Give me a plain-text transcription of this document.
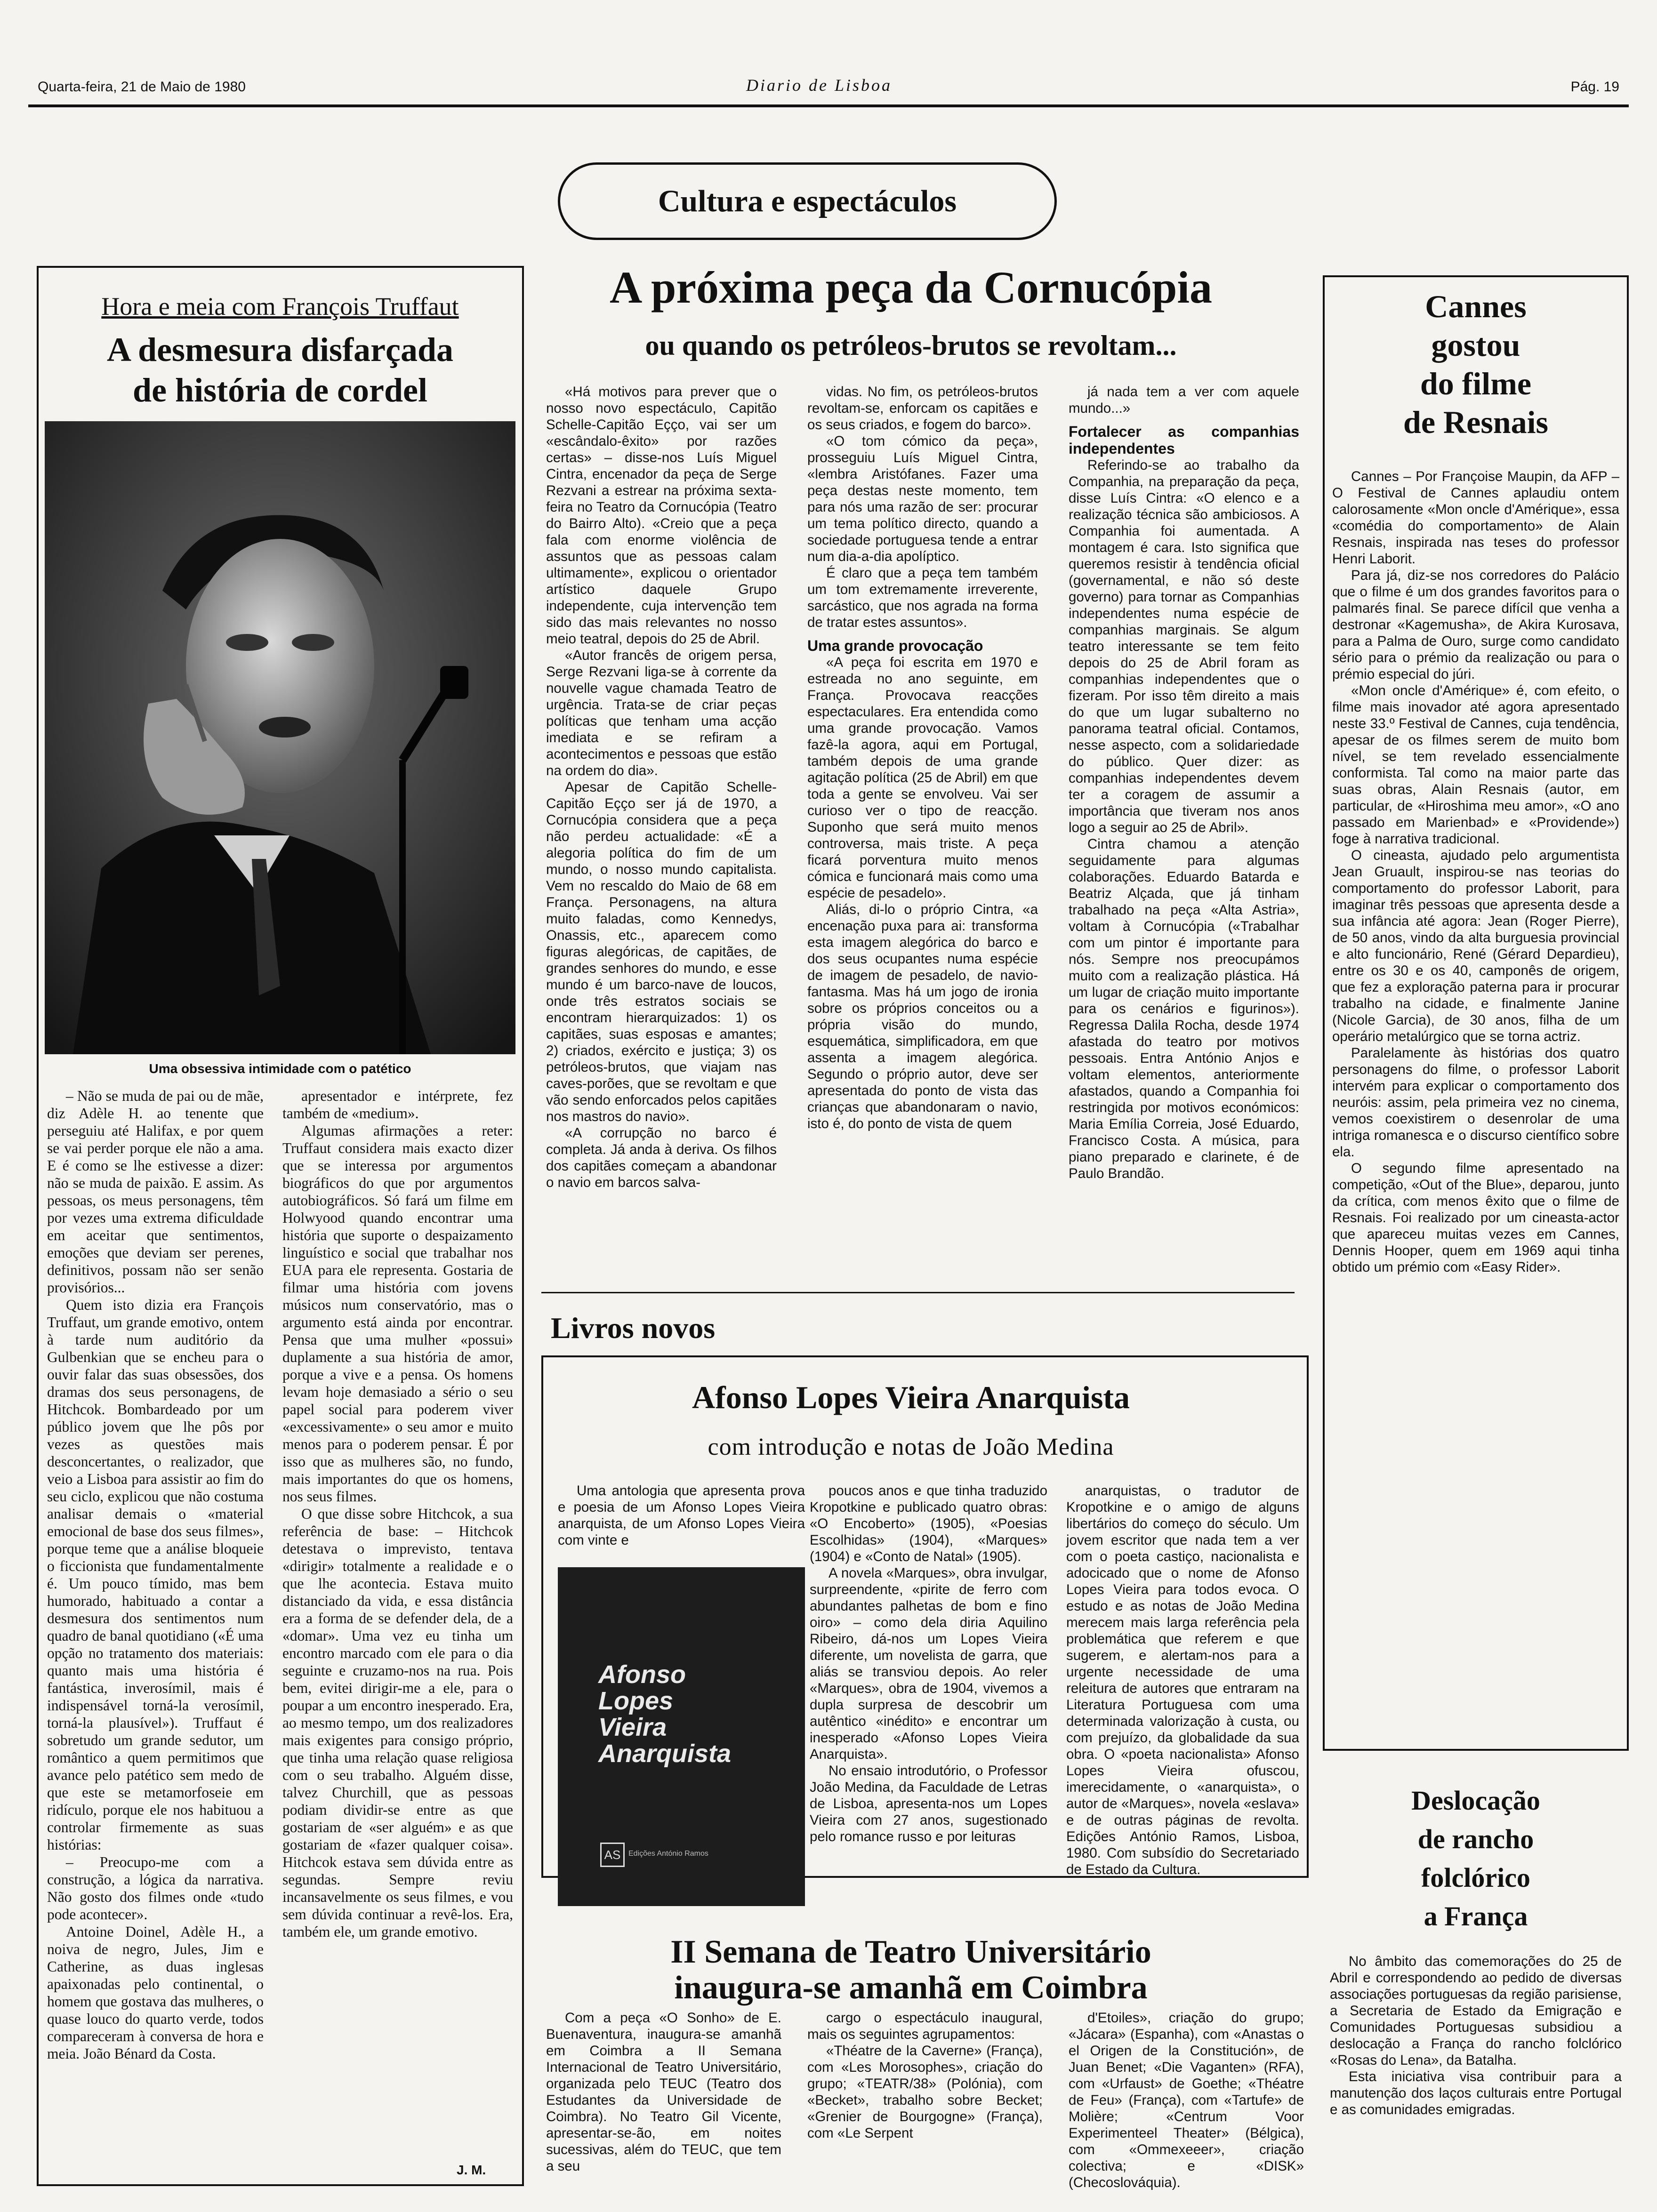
Quarta-feira, 21 de Maio de 1980	Diario de Lisboa	Pág. 19
Cultura e espectáculos
Hora e meia com François Truffaut
A desmesura disfarçada
de história de cordel
Uma obsessiva intimidade com o patético

– Não se muda de pai ou de mãe, diz Adèle H. ao tenente que perseguiu até Halifax, e por quem se vai perder porque ele não a ama. E é como se lhe estivesse a dizer: não se muda de paixão. E assim. As pessoas, os meus personagens, têm por vezes uma extrema dificuldade em aceitar que sentimentos, emoções que deviam ser perenes, definitivos, possam não ser senão provisórios...

Quem isto dizia era François Truffaut, um grande emotivo, ontem à tarde num auditório da Gulbenkian que se encheu para o ouvir falar das suas obsessões, dos dramas dos seus personagens, de Hitchcok. Bombardeado por um público jovem que lhe pôs por vezes as questões mais desconcertantes, o realizador, que veio a Lisboa para assistir ao fim do seu ciclo, explicou que não costuma analisar demais o «material emocional de base dos seus filmes», porque teme que a análise bloqueie o ficcionista que fundamentalmente é. Um pouco tímido, mas bem humorado, habituado a contar a desmesura dos sentimentos num quadro de banal quotidiano («É uma opção no tratamento dos materiais: quanto mais uma história é fantástica, inverosímil, mais é indispensável torná-la verosímil, torná-la plausível»). Truffaut é sobretudo um grande sedutor, um romântico a quem permitimos que avance pelo patético sem medo de que este se metamorfoseie em ridículo, porque ele nos habituou a controlar firmemente as suas histórias:

– Preocupo-me com a construção, a lógica da narrativa. Não gosto dos filmes onde «tudo pode acontecer».

Antoine Doinel, Adèle H., a noiva de negro, Jules, Jim e Catherine, as duas inglesas apaixonadas pelo continental, o homem que gostava das mulheres, o quase louco do quarto verde, todos compareceram à conversa de hora e meia. João Bénard da Costa.

apresentador e intérprete, fez também de «medium».

Algumas afirmações a reter: Truffaut considera mais exacto dizer que se interessa por argumentos biográficos do que por argumentos autobiográficos. Só fará um filme em Holwyood quando encontrar uma história que suporte o despaizamento linguístico e social que trabalhar nos EUA para ele representa. Gostaria de filmar uma história com jovens músicos num conservatório, mas o argumento está ainda por encontrar. Pensa que uma mulher «possui» duplamente a sua história de amor, porque a vive e a pensa. Os homens levam hoje demasiado a sério o seu papel social para poderem viver «excessivamente» o seu amor e muito menos para o poderem pensar. É por isso que as mulheres são, no fundo, mais importantes do que os homens, nos seus filmes.

O que disse sobre Hitchcok, a sua referência de base: – Hitchcok detestava o imprevisto, tentava «dirigir» totalmente a realidade e o que lhe acontecia. Estava muito distanciado da vida, e essa distância era a forma de se defender dela, de a «domar». Uma vez eu tinha um encontro marcado com ele para o dia seguinte e cruzamo-nos na rua. Pois bem, evitei dirigir-me a ele, para o poupar a um encontro inesperado. Era, ao mesmo tempo, um dos realizadores mais exigentes para consigo próprio, que tinha uma relação quase religiosa com o seu trabalho. Alguém disse, talvez Churchill, que as pessoas podiam dividir-se entre as que gostariam de «ser alguém» e as que gostariam de «fazer qualquer coisa». Hitchcok estava sem dúvida entre as segundas. Sempre reviu incansavelmente os seus filmes, e vou sem dúvida continuar a revê-los. Era, também ele, um grande emotivo.

J. M.
A próxima peça da Cornucópia
ou quando os petróleos-brutos se revoltam...

«Há motivos para prever que o nosso novo espectáculo, Capitão Schelle-Capitão Eçço, vai ser um «escândalo-êxito» por razões certas» – disse-nos Luís Miguel Cintra, encenador da peça de Serge Rezvani a estrear na próxima sexta-feira no Teatro da Cornucópia (Teatro do Bairro Alto). «Creio que a peça fala com enorme violência de assuntos que as pessoas calam ultimamente», explicou o orientador artístico daquele Grupo independente, cuja intervenção tem sido das mais relevantes no nosso meio teatral, depois do 25 de Abril.

«Autor francês de origem persa, Serge Rezvani liga-se à corrente da nouvelle vague chamada Teatro de urgência. Trata-se de criar peças políticas que tenham uma acção imediata e se refiram a acontecimentos e pessoas que estão na ordem do dia».

Apesar de Capitão Schelle-Capitão Eçço ser já de 1970, a Cornucópia considera que a peça não perdeu actualidade: «É a alegoria política do fim de um mundo, o nosso mundo capitalista. Vem no rescaldo do Maio de 68 em França. Personagens, na altura muito faladas, como Kennedys, Onassis, etc., aparecem como figuras alegóricas, de capitães, de grandes senhores do mundo, e esse mundo é um barco-nave de loucos, onde três estratos sociais se encontram hierarquizados: 1) os capitães, suas esposas e amantes; 2) criados, exército e justiça; 3) os petróleos-brutos, que viajam nas caves-porões, que se revoltam e que vão sendo enforcados pelos capitães nos mastros do navio».

«A corrupção no barco é completa. Já anda à deriva. Os filhos dos capitães começam a abandonar o navio em barcos salva-

vidas. No fim, os petróleos-brutos revoltam-se, enforcam os capitães e os seus criados, e fogem do barco».

«O tom cómico da peça», prosseguiu Luís Miguel Cintra, «lembra Aristófanes. Fazer uma peça destas neste momento, tem para nós uma razão de ser: procurar um tema político directo, quando a sociedade portuguesa tende a entrar num dia-a-dia apolíptico.

É claro que a peça tem também um tom extremamente irreverente, sarcástico, que nos agrada na forma de tratar estes assuntos».

Uma grande provocação

«A peça foi escrita em 1970 e estreada no ano seguinte, em França. Provocava reacções espectaculares. Era entendida como uma grande provocação. Vamos fazê-la agora, aqui em Portugal, também depois de uma grande agitação política (25 de Abril) em que toda a gente se envolveu. Vai ser curioso ver o tipo de reacção. Suponho que será muito menos controversa, mais triste. A peça ficará porventura muito menos cómica e funcionará mais como uma espécie de pesadelo».

Aliás, di-lo o próprio Cintra, «a encenação puxa para ai: transforma esta imagem alegórica do barco e dos seus ocupantes numa espécie de imagem de pesadelo, de navio-fantasma. Mas há um jogo de ironia sobre os próprios conceitos ou a própria visão do mundo, esquemática, simplificadora, em que assenta a imagem alegórica. Segundo o próprio autor, deve ser apresentada do ponto de vista das crianças que abandonaram o navio, isto é, do ponto de vista de quem

já nada tem a ver com aquele mundo...»

Fortalecer as companhias independentes

Referindo-se ao trabalho da Companhia, na preparação da peça, disse Luís Cintra: «O elenco e a realização técnica são ambiciosos. A Companhia foi aumentada. A montagem é cara. Isto significa que queremos resistir à tendência oficial (governamental, e não só deste governo) para tornar as Companhias independentes numa espécie de companhias marginais. Se algum teatro interessante se tem feito depois do 25 de Abril foram as companhias independentes que o fizeram. Por isso têm direito a mais do que um lugar subalterno no panorama teatral oficial. Contamos, nesse aspecto, com a solidariedade do público. Quer dizer: as companhias independentes devem ter a coragem de assumir a importância que tiveram nos anos logo a seguir ao 25 de Abril».

Cintra chamou a atenção seguidamente para algumas colaborações. Eduardo Batarda e Beatriz Alçada, que já tinham trabalhado na peça «Alta Astria», voltam à Cornucópia («Trabalhar com um pintor é importante para nós. Sempre nos preocupámos muito com a realização plástica. Há um lugar de criação muito importante para os cenários e figurinos»). Regressa Dalila Rocha, desde 1974 afastada do teatro por motivos pessoais. Entra António Anjos e voltam elementos, anteriormente afastados, quando a Companhia foi restringida por motivos económicos: Maria Emília Correia, José Eduardo, Francisco Costa. A música, para piano preparado e clarinete, é de Paulo Brandão.

Cannes
gostou
do filme
de Resnais

Cannes – Por Françoise Maupin, da AFP – O Festival de Cannes aplaudiu ontem calorosamente «Mon oncle d'Amérique», essa «comédia do comportamento» de Alain Resnais, inspirada nas teses do professor Henri Laborit.

Para já, diz-se nos corredores do Palácio que o filme é um dos grandes favoritos para o palmarés final. Se parece difícil que venha a destronar «Kagemusha», de Akira Kurosava, para a Palma de Ouro, surge como candidato sério para o prémio da realização ou para o prémio especial do júri.

«Mon oncle d'Amérique» é, com efeito, o filme mais inovador até agora apresentado neste 33.º Festival de Cannes, cuja tendência, apesar de os filmes serem de muito bom nível, se tem revelado essencialmente conformista. Tal como na maior parte das suas obras, Alain Resnais (autor, em particular, de «Hiroshima meu amor», «O ano passado em Marienbad» e «Providende») foge à narrativa tradicional.

O cineasta, ajudado pelo argumentista Jean Gruault, inspirou-se nas teorias do comportamento do professor Laborit, para imaginar três pessoas que apresenta desde a sua infância até agora: Jean (Roger Pierre), de 50 anos, vindo da alta burguesia provincial e alto funcionário, René (Gérard Depardieu), entre os 30 e os 40, camponês de origem, que fez a exploração paterna para ir procurar trabalho na cidade, e finalmente Janine (Nicole Garcia), de 30 anos, filha de um operário metalúrgico que se torna actriz.

Paralelamente às histórias dos quatro personagens do filme, o professor Laborit intervém para explicar o comportamento dos neuróis: assim, pela primeira vez no cinema, vemos coexistirem o desenrolar de uma intriga romanesca e o discurso científico sobre ela.

O segundo filme apresentado na competição, «Out of the Blue», deparou, junto da crítica, com menos êxito que o filme de Resnais. Foi realizado por um cineasta-actor que apareceu muitas vezes em Cannes, Dennis Hooper, quem em 1969 aqui tinha obtido um prémio com «Easy Rider».

Livros novos
Afonso Lopes Vieira Anarquista
com introdução e notas de João Medina

Uma antologia que apresenta prova e poesia de um Afonso Lopes Vieira anarquista, de um Afonso Lopes Vieira com vinte e

Afonso
Lopes
Vieira
Anarquista
AS	Edições António Ramos

poucos anos e que tinha traduzido Kropotkine e publicado quatro obras: «O Encoberto» (1905), «Poesias Escolhidas» (1904), «Marques» (1904) e «Conto de Natal» (1905).

A novela «Marques», obra invulgar, surpreendente, «pirite de ferro com abundantes palhetas de bom e fino oiro» – como dela diria Aquilino Ribeiro, dá-nos um Lopes Vieira diferente, um novelista de garra, que aliás se transviou depois. Ao reler «Marques», obra de 1904, vivemos a dupla surpresa de descobrir um autêntico «inédito» e encontrar um inesperado «Afonso Lopes Vieira Anarquista».

No ensaio introdutório, o Professor João Medina, da Faculdade de Letras de Lisboa, apresenta-nos um Lopes Vieira com 27 anos, sugestionado pelo romance russo e por leituras

anarquistas, o tradutor de Kropotkine e o amigo de alguns libertários do começo do século. Um jovem escritor que nada tem a ver com o poeta castiço, nacionalista e adocicado que o nome de Afonso Lopes Vieira para todos evoca. O estudo e as notas de João Medina merecem mais larga referência pela problemática que referem e que sugerem, e alertam-nos para a urgente necessidade de uma releitura de autores que entraram na Literatura Portuguesa com uma determinada valorização à custa, ou com prejuízo, da globalidade da sua obra. O «poeta nacionalista» Afonso Lopes Vieira ofuscou, imerecidamente, o «anarquista», o autor de «Marques», novela «eslava» e de outras páginas de revolta. Edições António Ramos, Lisboa, 1980. Com subsídio do Secretariado de Estado da Cultura.

II Semana de Teatro Universitário
inaugura-se amanhã em Coimbra

Com a peça «O Sonho» de E. Buenaventura, inaugura-se amanhã em Coimbra a II Semana Internacional de Teatro Universitário, organizada pelo TEUC (Teatro dos Estudantes da Universidade de Coimbra). No Teatro Gil Vicente, apresentar-se-ão, em noites sucessivas, além do TEUC, que tem a seu

cargo o espectáculo inaugural, mais os seguintes agrupamentos:

«Théatre de la Caverne» (França), com «Les Morosophes», criação do grupo; «TEATR/38» (Polónia), com «Becket», trabalho sobre Becket; «Grenier de Bourgogne» (França), com «Le Serpent

d'Etoiles», criação do grupo; «Jácara» (Espanha), com «Anastas o el Origen de la Constitución», de Juan Benet; «Die Vaganten» (RFA), com «Urfaust» de Goethe; «Théatre de Feu» (França), com «Tartufe» de Molière; «Centrum Voor Experimenteel Theater» (Bélgica), com «Ommexeeer», criação colectiva; e «DISK» (Checoslováquia).

Deslocação
de rancho
folclórico
a França

No âmbito das comemorações do 25 de Abril e correspondendo ao pedido de diversas associações portuguesas da região parisiense, a Secretaria de Estado da Emigração e Comunidades Portuguesas subsidiou a deslocação a França do rancho folclórico «Rosas do Lena», da Batalha.

Esta iniciativa visa contribuir para a manutenção dos laços culturais entre Portugal e as comunidades emigradas.
